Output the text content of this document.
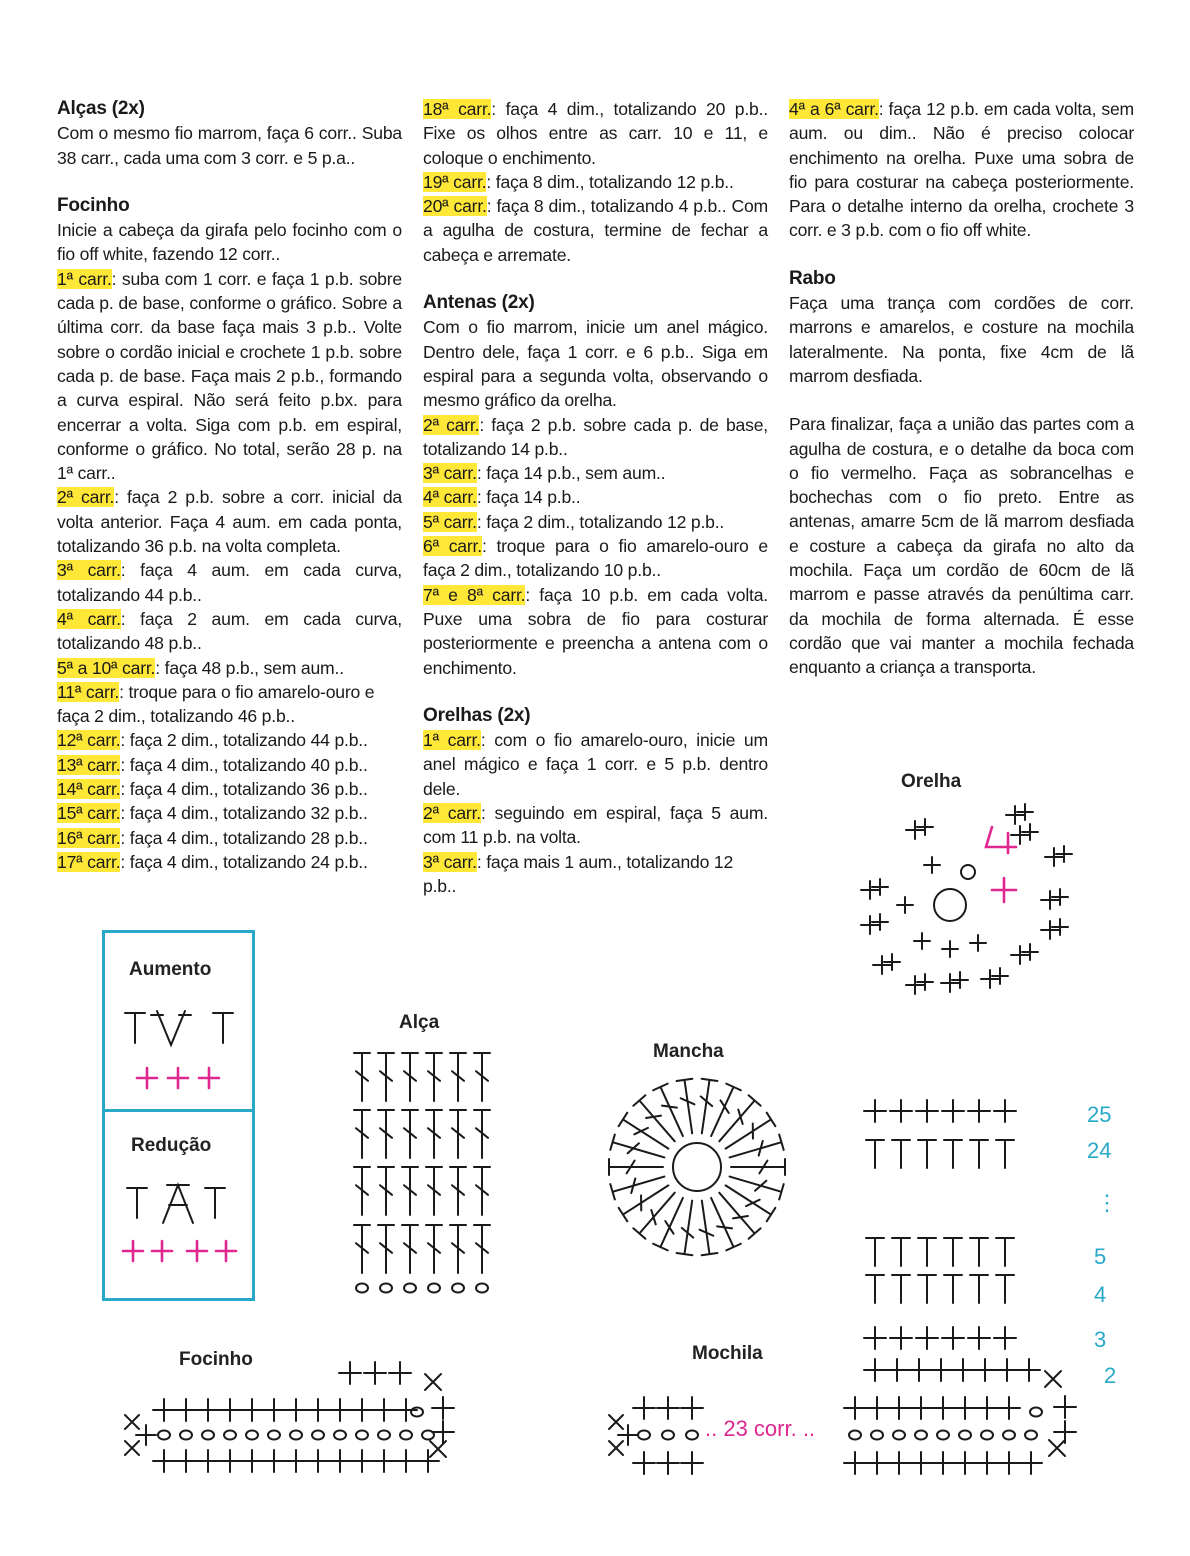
Alças (2x)
Com o mesmo fio marrom, faça 6 corr.. Suba 38 carr., cada uma com 3 corr. e 5 p.a..
Focinho
Inicie a cabeça da girafa pelo focinho com o fio off white, fazendo 12 corr..
1ª carr.: suba com 1 corr. e faça 1 p.b. sobre cada p. de base, conforme o gráfico. Sobre a última corr. da base faça mais 3 p.b.. Volte sobre o cordão inicial e crochete 1 p.b. sobre cada p. de base. Faça mais 2 p.b., formando a curva espiral. Não será feito p.bx. para encerrar a volta. Siga com p.b. em espiral, conforme o gráfico. No total, serão 28 p. na 1ª carr..
2ª carr.: faça 2 p.b. sobre a corr. inicial da volta anterior. Faça 4 aum. em cada ponta, totalizando 36 p.b. na volta completa.
3ª carr.: faça 4 aum. em cada curva, totalizando 44 p.b..
4ª carr.: faça 2 aum. em cada curva, totalizando 48 p.b..
5ª a 10ª carr.: faça 48 p.b., sem aum..
11ª carr.: troque para o fio amarelo-ouro e faça 2 dim., totalizando 46 p.b..
12ª carr.: faça 2 dim., totalizando 44 p.b..
13ª carr.: faça 4 dim., totalizando 40 p.b..
14ª carr.: faça 4 dim., totalizando 36 p.b..
15ª carr.: faça 4 dim., totalizando 32 p.b..
16ª carr.: faça 4 dim., totalizando 28 p.b..
17ª carr.: faça 4 dim., totalizando 24 p.b..
18ª carr.: faça 4 dim., totalizando 20 p.b.. Fixe os olhos entre as carr. 10 e 11, e coloque o enchimento.
19ª carr.: faça 8 dim., totalizando 12 p.b..
20ª carr.: faça 8 dim., totalizando 4 p.b.. Com a agulha de costura, termine de fechar a cabeça e arremate.
Antenas (2x)
Com o fio marrom, inicie um anel mágico. Dentro dele, faça 1 corr. e 6 p.b.. Siga em espiral para a segunda volta, observando o mesmo gráfico da orelha.
2ª carr.: faça 2 p.b. sobre cada p. de base, totalizando 14 p.b..
3ª carr.: faça 14 p.b., sem aum..
4ª carr.: faça 14 p.b..
5ª carr.: faça 2 dim., totalizando 12 p.b..
6ª carr.: troque para o fio amarelo-ouro e faça 2 dim., totalizando 10 p.b..
7ª e 8ª carr.: faça 10 p.b. em cada volta. Puxe uma sobra de fio para costurar posteriormente e preencha a antena com o enchimento.
Orelhas (2x)
1ª carr.: com o fio amarelo-ouro, inicie um anel mágico e faça 1 corr. e 5 p.b. dentro dele.
2ª carr.: seguindo em espiral, faça 5 aum. com 11 p.b. na volta.
3ª carr.: faça mais 1 aum., totalizando 12 p.b..
4ª a 6ª carr.: faça 12 p.b. em cada volta, sem aum. ou dim.. Não é preciso colocar enchimento na orelha. Puxe uma sobra de fio para costurar na cabeça posteriormente. Para o detalhe interno da orelha, crochete 3 corr. e 3 p.b. com o fio off white.
Rabo
Faça uma trança com cordões de corr. marrons e amarelos, e costure na mochila lateralmente. Na ponta, fixe 4cm de lã marrom desfiada.
Para finalizar, faça a união das partes com a agulha de costura, e o detalhe da boca com o fio vermelho. Faça as sobrancelhas e bochechas com o fio preto. Entre as antenas, amarre 5cm de lã marrom desfiada e costure a cabeça da girafa no alto da mochila. Faça um cordão de 60cm de lã marrom e passe através da penúltima carr. da mochila de forma alternada. É esse cordão que vai manter a mochila fechada enquanto a criança a transporta.
Orelha
Alça
Mancha
Focinho	Mochila
.. 23 corr. ..
Aumento
Redução
25
24
⋮
5
4
3
2
